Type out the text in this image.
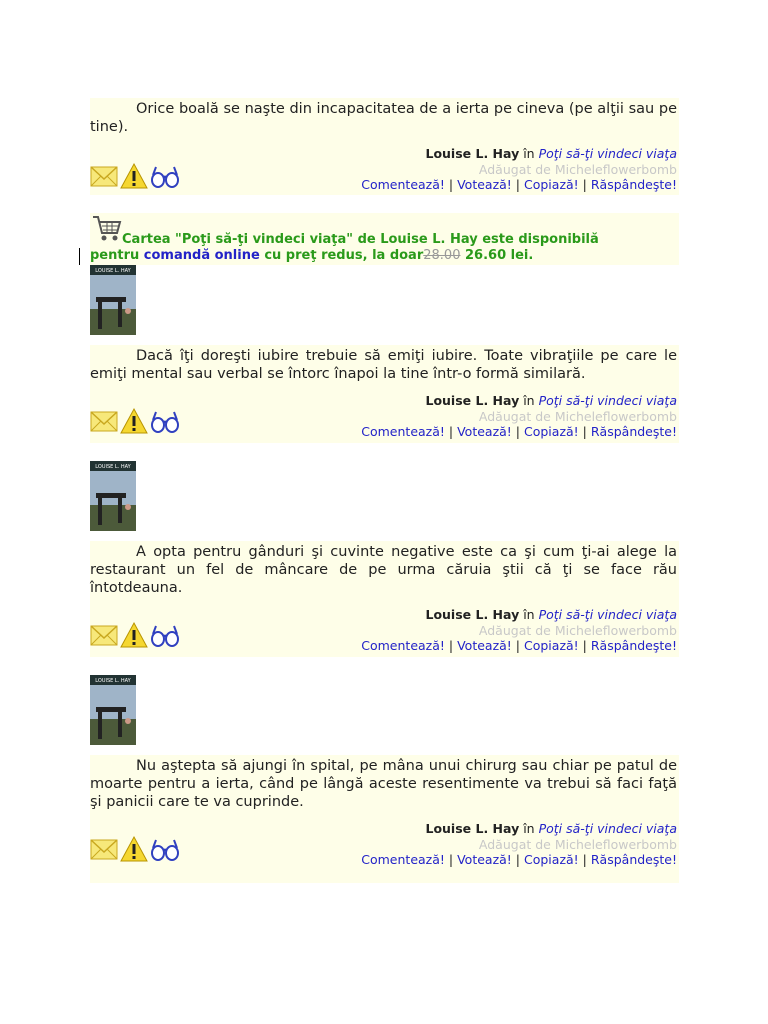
Orice boală se naşte din incapacitatea de a ierta pe cineva (pe alţii sau pe tine).

Louise L. Hay în Poţi să-ţi vindeci viaţa
Adăugat de Micheleflowerbomb
Comentează! | Votează! | Copiază! | Răspândeşte!
Cartea "Poţi să-ţi vindeci viaţa" de Louise L. Hay este disponibilă
pentru comandă online cu preţ redus, la doar28.00 26.60 lei.
LOUISE L. HAY

Dacă îţi doreşti iubire trebuie să emiţi iubire. Toate vibraţiile pe care le emiţi mental sau verbal se întorc înapoi la tine într-o formă similară.

Louise L. Hay în Poţi să-ţi vindeci viaţa
Adăugat de Micheleflowerbomb
Comentează! | Votează! | Copiază! | Răspândeşte!
LOUISE L. HAY

A opta pentru gânduri şi cuvinte negative este ca şi cum ţi-ai alege la restaurant un fel de mâncare de pe urma căruia ştii că ţi se face rău întotdeauna.

Louise L. Hay în Poţi să-ţi vindeci viaţa
Adăugat de Micheleflowerbomb
Comentează! | Votează! | Copiază! | Răspândeşte!
LOUISE L. HAY

Nu aştepta să ajungi în spital, pe mâna unui chirurg sau chiar pe patul de moarte pentru a ierta, când pe lângă aceste resentimente va trebui să faci faţă şi panicii care te va cuprinde.

Louise L. Hay în Poţi să-ţi vindeci viaţa
Adăugat de Micheleflowerbomb
Comentează! | Votează! | Copiază! | Răspândeşte!
